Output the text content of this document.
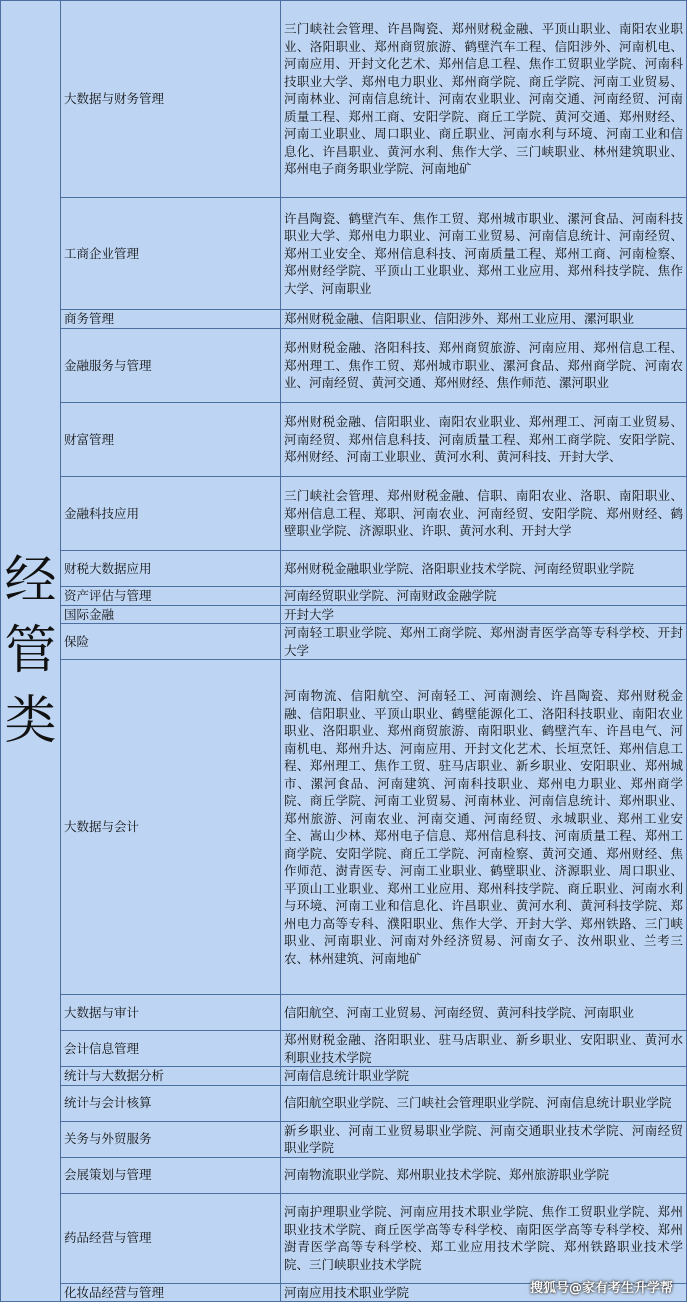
经管类	大数据与财务管理	三门峡社会管理、许昌陶瓷、郑州财税金融、平顶山职业、南阳农业职业、洛阳职业、郑州商贸旅游、鹤壁汽车工程、信阳涉外、河南机电、河南应用、开封文化艺术、郑州信息工程、焦作工贸职业学院、河南科技职业大学、郑州电力职业、郑州商学院、商丘学院、河南工业贸易、河南林业、河南信息统计、河南农业职业、河南交通、河南经贸、河南质量工程、郑州工商、安阳学院、商丘工学院、黄河交通、郑州财经、河南工业职业、周口职业、商丘职业、河南水利与环境、河南工业和信息化、许昌职业、黄河水利、焦作大学、三门峡职业、林州建筑职业、郑州电子商务职业学院、河南地矿
	工商企业管理	许昌陶瓷、鹤壁汽车、焦作工贸、郑州城市职业、漯河食品、河南科技职业大学、郑州电力职业、河南工业贸易、河南信息统计、河南经贸、郑州工业安全、郑州信息科技、河南质量工程、郑州工商、河南检察、郑州财经学院、平顶山工业职业、郑州工业应用、郑州科技学院、焦作大学、河南职业
	商务管理	郑州财税金融、信阳职业、信阳涉外、郑州工业应用、漯河职业
	金融服务与管理	郑州财税金融、洛阳科技、郑州商贸旅游、河南应用、郑州信息工程、郑州理工、焦作工贸、郑州城市职业、漯河食品、郑州商学院、河南农业、河南经贸、黄河交通、郑州财经、焦作师范、漯河职业
	财富管理	郑州财税金融、信阳职业、南阳农业职业、郑州理工、河南工业贸易、河南经贸、郑州信息科技、河南质量工程、郑州工商学院、安阳学院、郑州财经、河南工业职业、黄河水利、黄河科技、开封大学、
	金融科技应用	三门峡社会管理、郑州财税金融、信职、南阳农业、洛职、南阳职业、郑州信息工程、郑职、河南农业、河南经贸、安阳学院、郑州财经、鹤壁职业学院、济源职业、许职、黄河水利、开封大学
	财税大数据应用	郑州财税金融职业学院、洛阳职业技术学院、河南经贸职业学院
	资产评估与管理	河南经贸职业学院、河南财政金融学院
	国际金融	开封大学
	保险	河南轻工职业学院、郑州工商学院、郑州澍青医学高等专科学校、开封大学
	大数据与会计	河南物流、信阳航空、河南轻工、河南测绘、许昌陶瓷、郑州财税金融、信阳职业、平顶山职业、鹤壁能源化工、洛阳科技职业、南阳农业职业、洛阳职业、郑州商贸旅游、南阳职业、鹤壁汽车、许昌电气、河南机电、郑州升达、河南应用、开封文化艺术、长垣烹饪、郑州信息工程、郑州理工、焦作工贸、驻马店职业、新乡职业、安阳职业、郑州城市、漯河食品、河南建筑、河南科技职业、郑州电力职业、郑州商学院、商丘学院、河南工业贸易、河南林业、河南信息统计、郑州职业、郑州旅游、河南农业、河南交通、河南经贸、永城职业、郑州工业安全、嵩山少林、郑州电子信息、郑州信息科技、河南质量工程、郑州工商学院、安阳学院、商丘工学院、河南检察、黄河交通、郑州财经、焦作师范、澍青医专、河南工业职业、鹤壁职业、济源职业、周口职业、平顶山工业职业、郑州工业应用、郑州科技学院、商丘职业、河南水利与环境、河南工业和信息化、许昌职业、黄河水利、黄河科技学院、郑州电力高等专科、濮阳职业、焦作大学、开封大学、郑州铁路、三门峡职业、河南职业、河南对外经济贸易、河南女子、汝州职业、兰考三农、林州建筑、河南地矿
	大数据与审计	信阳航空、河南工业贸易、河南经贸、黄河科技学院、河南职业
	会计信息管理	郑州财税金融、洛阳职业、驻马店职业、新乡职业、安阳职业、黄河水利职业技术学院
	统计与大数据分析	河南信息统计职业学院
	统计与会计核算	信阳航空职业学院、三门峡社会管理职业学院、河南信息统计职业学院
	关务与外贸服务	新乡职业、河南工业贸易职业学院、河南交通职业技术学院、河南经贸职业学院
	会展策划与管理	河南物流职业学院、郑州职业技术学院、郑州旅游职业学院
	药品经营与管理	河南护理职业学院、河南应用技术职业学院、焦作工贸职业学院、郑州职业技术学院、商丘医学高等专科学校、南阳医学高等专科学校、郑州澍青医学高等专科学校、郑工业应用技术学院、郑州铁路职业技术学院、三门峡职业技术学院
	化妆品经营与管理	河南应用技术职业学院	搜狐号@家有考生升学帮
